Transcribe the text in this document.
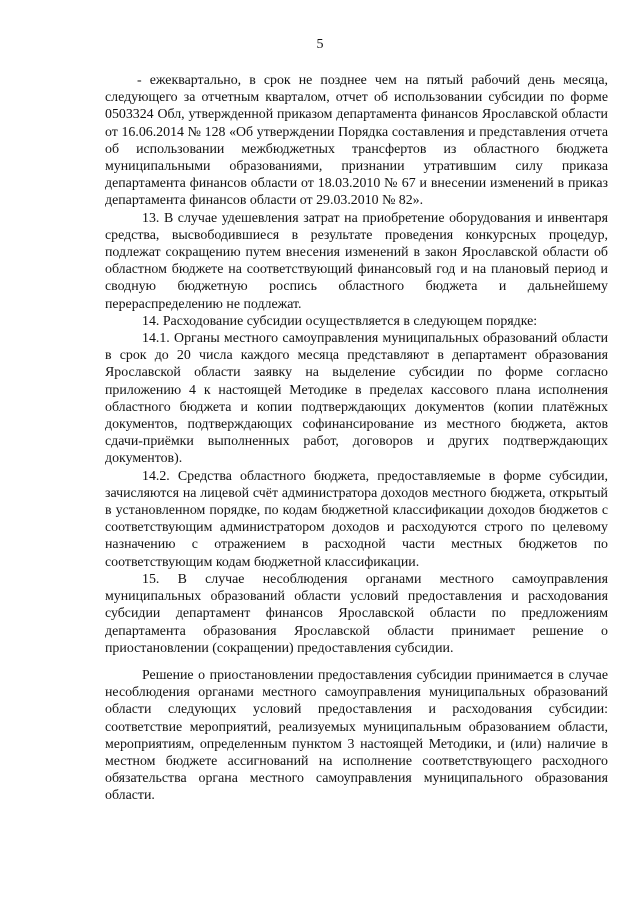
5

- ежеквартально, в срок не позднее чем на пятый рабочий день месяца, следующего за отчетным кварталом, отчет об использовании субсидии по форме 0503324 Обл, утвержденной приказом департамента финансов Ярославской области от 16.06.2014 № 128 «Об утверждении Порядка составления и представления отчета об использовании межбюджетных трансфертов из областного бюджета муниципальными образованиями, признании утратившим силу приказа департамента финансов области от 18.03.2010 № 67 и внесении изменений в приказ департамента финансов области от 29.03.2010 № 82».

13. В случае удешевления затрат на приобретение оборудования и инвентаря средства, высвободившиеся в результате проведения конкурсных процедур, подлежат сокращению путем внесения изменений в закон Ярославской области об областном бюджете на соответствующий финансовый год и на плановый период и сводную бюджетную роспись областного бюджета и дальнейшему перераспределению не подлежат.

14. Расходование субсидии осуществляется в следующем порядке:

14.1. Органы местного самоуправления муниципальных образований области в срок до 20 числа каждого месяца представляют в департамент образования Ярославской области заявку на выделение субсидии по форме согласно приложению 4 к настоящей Методике в пределах кассового плана исполнения областного бюджета и копии подтверждающих документов (копии платёжных документов, подтверждающих софинансирование из местного бюджета, актов сдачи-приёмки выполненных работ, договоров и других подтверждающих документов).

14.2. Средства областного бюджета, предоставляемые в форме субсидии, зачисляются на лицевой счёт администратора доходов местного бюджета, открытый в установленном порядке, по кодам бюджетной классификации доходов бюджетов с соответствующим администратором доходов и расходуются строго по целевому назначению с отражением в расходной части местных бюджетов по соответствующим кодам бюджетной классификации.

15. В случае несоблюдения органами местного самоуправления муниципальных образований области условий предоставления и расходования субсидии департамент финансов Ярославской области по предложениям департамента образования Ярославской области принимает решение о приостановлении (сокращении) предоставления субсидии.

Решение о приостановлении предоставления субсидии принимается в случае несоблюдения органами местного самоуправления муниципальных образований области следующих условий предоставления и расходования субсидии: соответствие мероприятий, реализуемых муниципальным образованием области, мероприятиям, определенным пунктом 3 настоящей Методики, и (или) наличие в местном бюджете ассигнований на исполнение соответствующего расходного обязательства органа местного самоуправления муниципального образования области.
